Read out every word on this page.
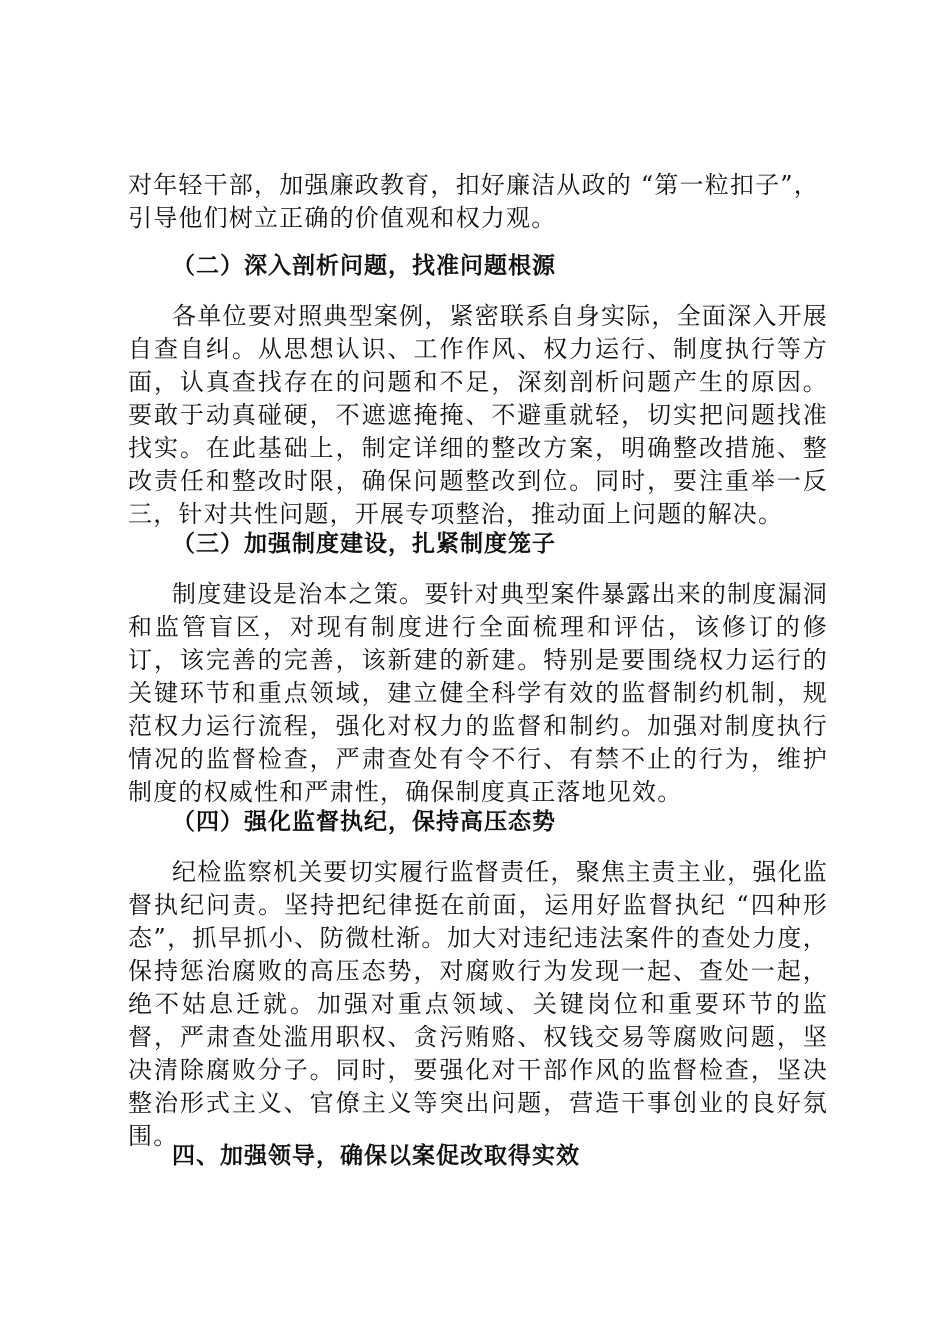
对年轻干部，加强廉政教育，扣好廉洁从政的 “第一粒扣子”，引导他们树立正确的价值观和权力观。

（二）深入剖析问题，找准问题根源

各单位要对照典型案例，紧密联系自身实际，全面深入开展自查自纠。从思想认识、工作作风、权力运行、制度执行等方面，认真查找存在的问题和不足，深刻剖析问题产生的原因。要敢于动真碰硬，不遮遮掩掩、不避重就轻，切实把问题找准找实。在此基础上，制定详细的整改方案，明确整改措施、整改责任和整改时限，确保问题整改到位。同时，要注重举一反三，针对共性问题，开展专项整治，推动面上问题的解决。

（三）加强制度建设，扎紧制度笼子

制度建设是治本之策。要针对典型案件暴露出来的制度漏洞和监管盲区，对现有制度进行全面梳理和评估，该修订的修订，该完善的完善，该新建的新建。特别是要围绕权力运行的关键环节和重点领域，建立健全科学有效的监督制约机制，规范权力运行流程，强化对权力的监督和制约。加强对制度执行情况的监督检查，严肃查处有令不行、有禁不止的行为，维护制度的权威性和严肃性，确保制度真正落地见效。

（四）强化监督执纪，保持高压态势

纪检监察机关要切实履行监督责任，聚焦主责主业，强化监督执纪问责。坚持把纪律挺在前面，运用好监督执纪 “四种形态”，抓早抓小、防微杜渐。加大对违纪违法案件的查处力度，保持惩治腐败的高压态势，对腐败行为发现一起、查处一起，绝不姑息迁就。加强对重点领域、关键岗位和重要环节的监督，严肃查处滥用职权、贪污贿赂、权钱交易等腐败问题，坚决清除腐败分子。同时，要强化对干部作风的监督检查，坚决整治形式主义、官僚主义等突出问题，营造干事创业的良好氛围。

四、加强领导，确保以案促改取得实效
